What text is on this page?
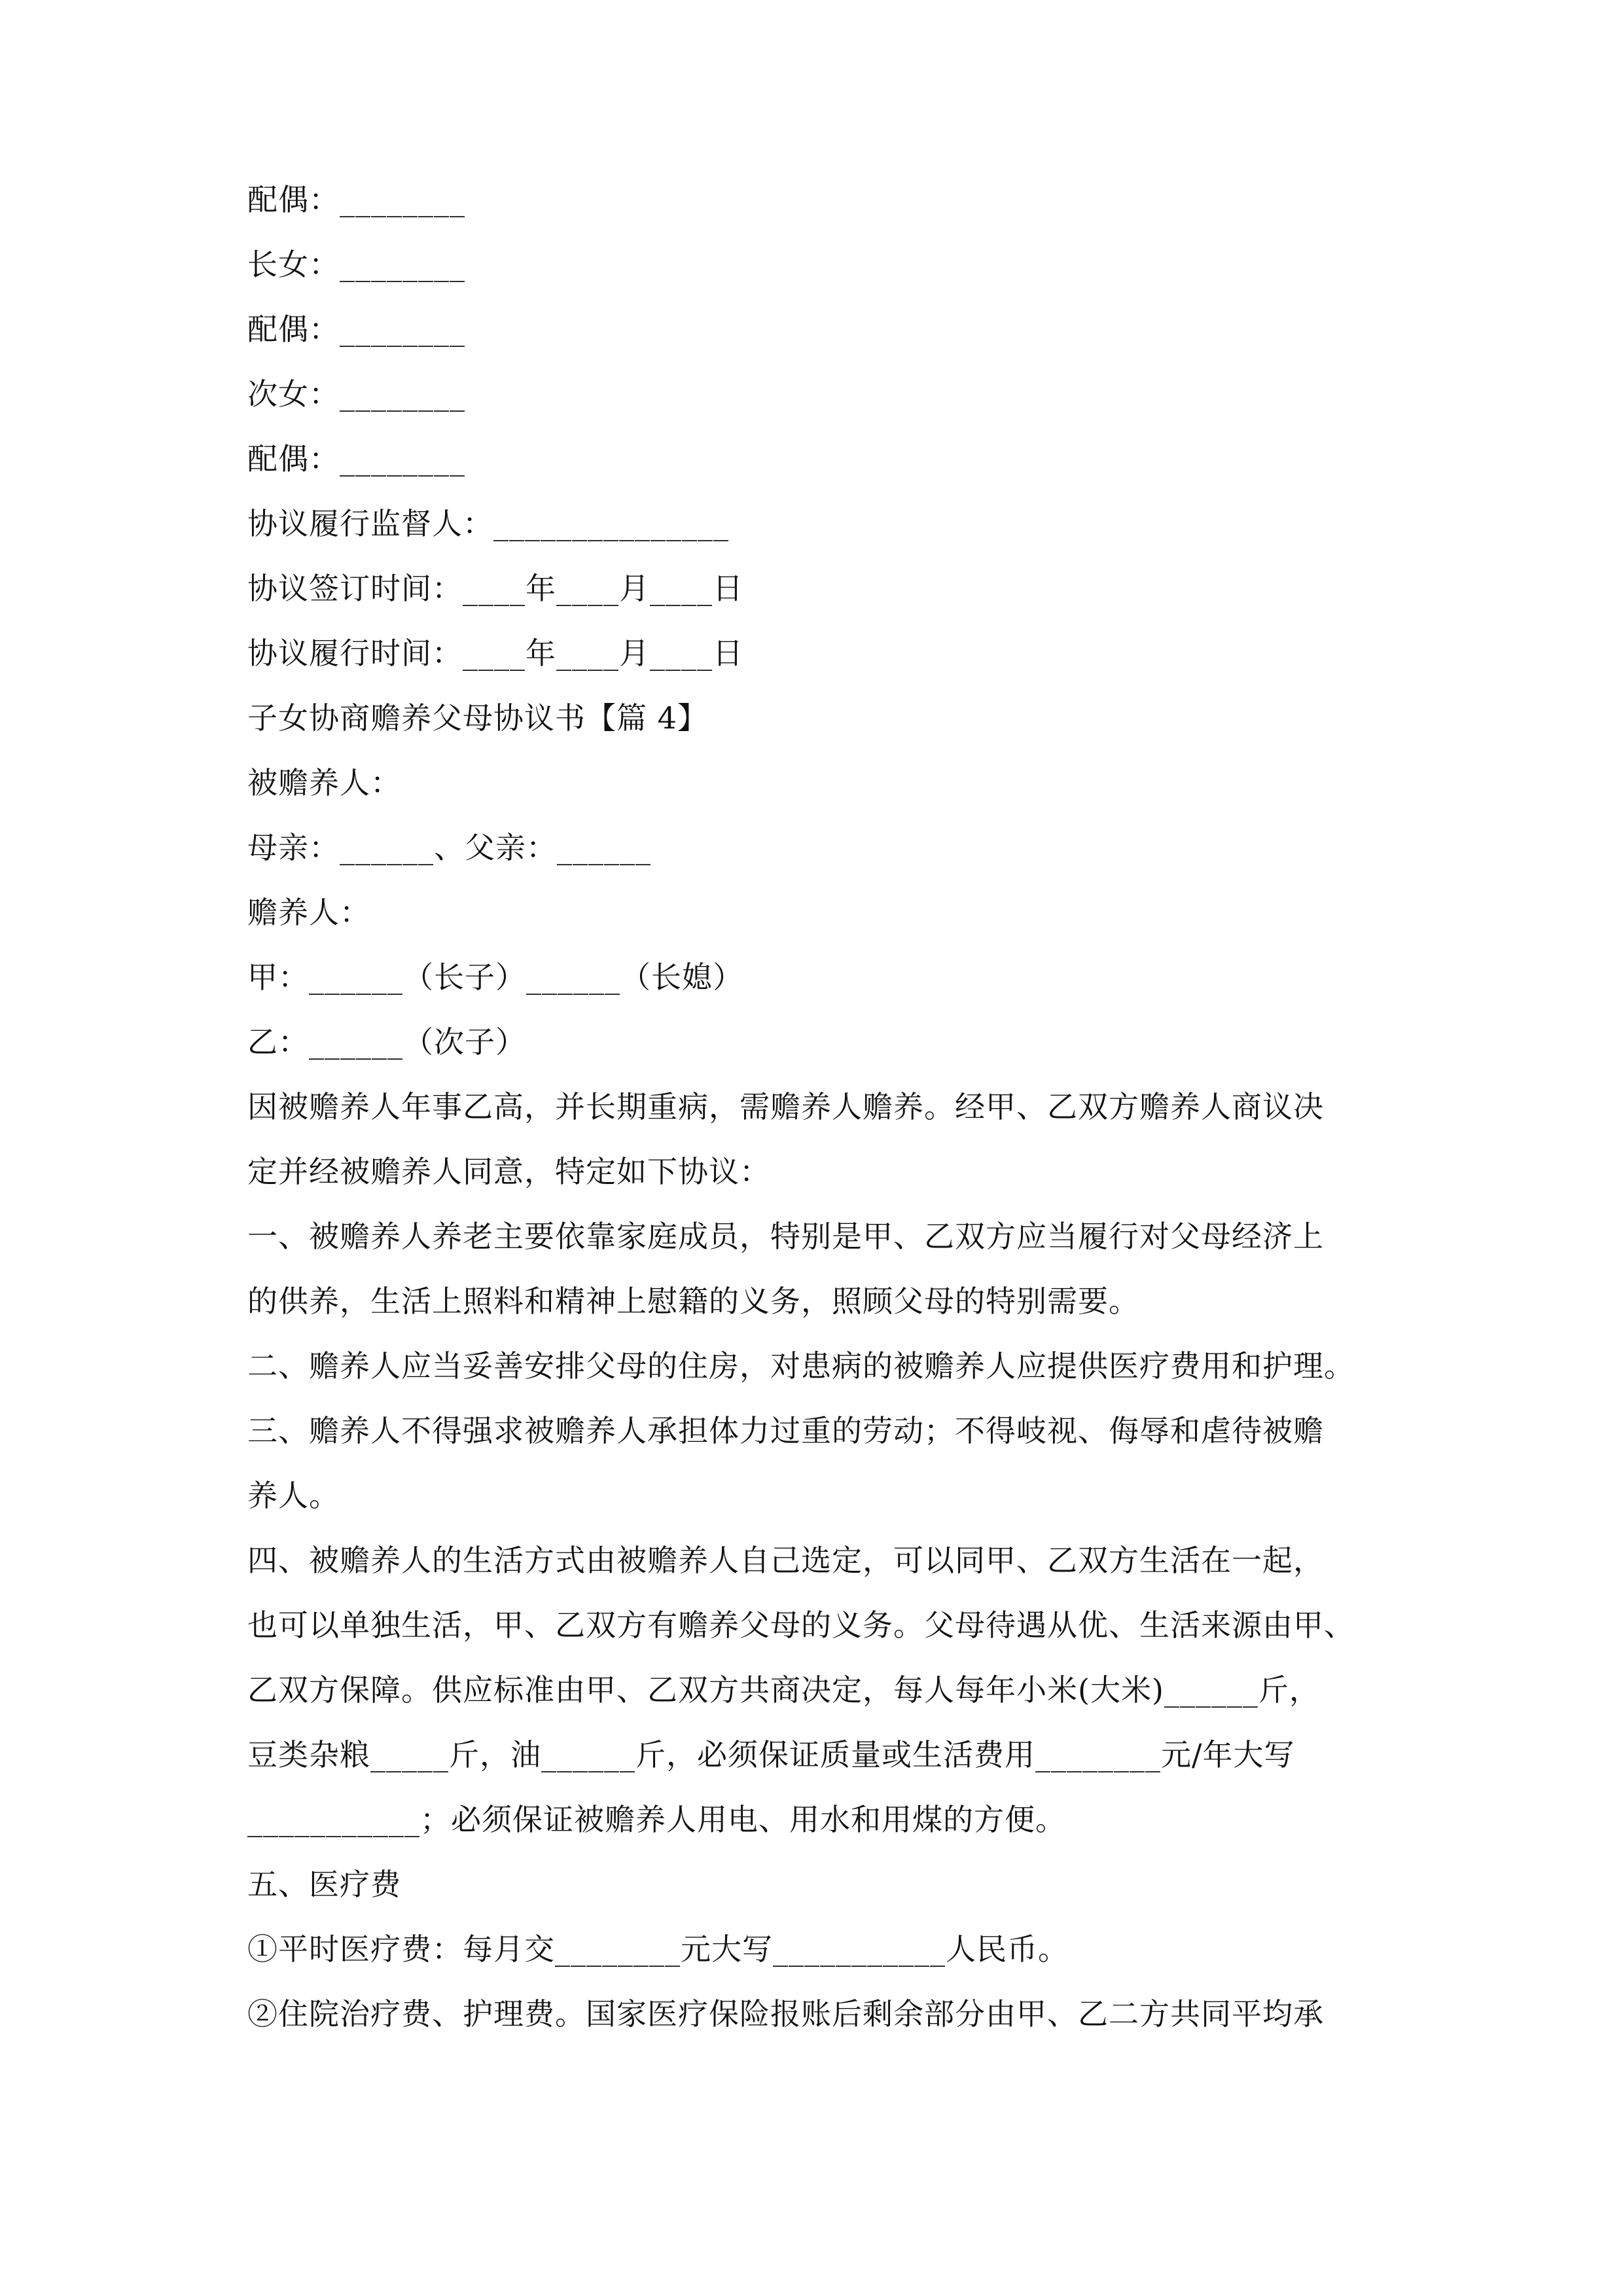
配偶：________
长女：________
配偶：________
次女：________
配偶：________
协议履行监督人：_______________
协议签订时间：____年____月____日
协议履行时间：____年____月____日
子女协商赡养父母协议书【篇 4】
被赡养人：
母亲：______、父亲：______
赡养人：
甲：______（长子）______（长媳）
乙：______（次子）
因被赡养人年事乙高，并长期重病，需赡养人赡养。经甲、乙双方赡养人商议决
定并经被赡养人同意，特定如下协议：
一、被赡养人养老主要依靠家庭成员，特别是甲、乙双方应当履行对父母经济上
的供养，生活上照料和精神上慰籍的义务，照顾父母的特别需要。
二、赡养人应当妥善安排父母的住房，对患病的被赡养人应提供医疗费用和护理。
三、赡养人不得强求被赡养人承担体力过重的劳动；不得岐视、侮辱和虐待被赡
养人。
四、被赡养人的生活方式由被赡养人自己选定，可以同甲、乙双方生活在一起，
也可以单独生活，甲、乙双方有赡养父母的义务。父母待遇从优、生活来源由甲、
乙双方保障。供应标准由甲、乙双方共商决定，每人每年小米(大米)______斤，
豆类杂粮_____斤，油______斤，必须保证质量或生活费用________元/年大写
___________；必须保证被赡养人用电、用水和用煤的方便。
五、医疗费
①平时医疗费：每月交________元大写___________人民币。
②住院治疗费、护理费。国家医疗保险报账后剩余部分由甲、乙二方共同平均承
